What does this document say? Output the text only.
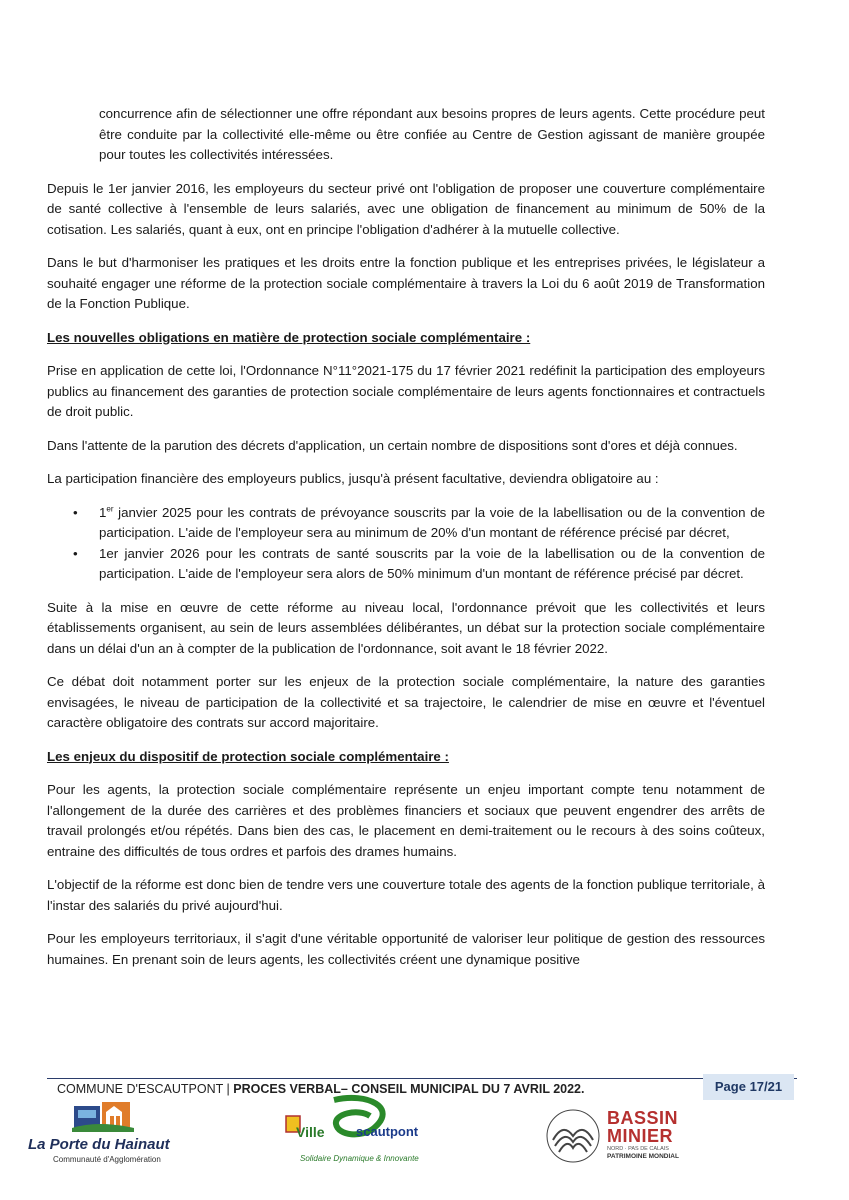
concurrence afin de sélectionner une offre répondant aux besoins propres de leurs agents. Cette procédure peut être conduite par la collectivité elle-même ou être confiée au Centre de Gestion agissant de manière groupée pour toutes les collectivités intéressées.

Depuis le 1er janvier 2016, les employeurs du secteur privé ont l'obligation de proposer une couverture complémentaire de santé collective à l'ensemble de leurs salariés, avec une obligation de financement au minimum de 50% de la cotisation. Les salariés, quant à eux, ont en principe l'obligation d'adhérer à la mutuelle collective.

Dans le but d'harmoniser les pratiques et les droits entre la fonction publique et les entreprises privées, le législateur a souhaité engager une réforme de la protection sociale complémentaire à travers la Loi du 6 août 2019 de Transformation de la Fonction Publique.

Les nouvelles obligations en matière de protection sociale complémentaire :

Prise en application de cette loi, l'Ordonnance N°11°2021-175 du 17 février 2021 redéfinit la participation des employeurs publics au financement des garanties de protection sociale complémentaire de leurs agents fonctionnaires et contractuels de droit public.

Dans l'attente de la parution des décrets d'application, un certain nombre de dispositions sont d'ores et déjà connues.

La participation financière des employeurs publics, jusqu'à présent facultative, deviendra obligatoire au :

• 1er janvier 2025 pour les contrats de prévoyance souscrits par la voie de la labellisation ou de la convention de participation. L'aide de l'employeur sera au minimum de 20% d'un montant de référence précisé par décret,
• 1er janvier 2026 pour les contrats de santé souscrits par la voie de la labellisation ou de la convention de participation. L'aide de l'employeur sera alors de 50% minimum d'un montant de référence précisé par décret.

Suite à la mise en œuvre de cette réforme au niveau local, l'ordonnance prévoit que les collectivités et leurs établissements organisent, au sein de leurs assemblées délibérantes, un débat sur la protection sociale complémentaire dans un délai d'un an à compter de la publication de l'ordonnance, soit avant le 18 février 2022.

Ce débat doit notamment porter sur les enjeux de la protection sociale complémentaire, la nature des garanties envisagées, le niveau de participation de la collectivité et sa trajectoire, le calendrier de mise en œuvre et l'éventuel caractère obligatoire des contrats sur accord majoritaire.

Les enjeux du dispositif de protection sociale complémentaire :

Pour les agents, la protection sociale complémentaire représente un enjeu important compte tenu notamment de l'allongement de la durée des carrières et des problèmes financiers et sociaux que peuvent engendrer des arrêts de travail prolongés et/ou répétés. Dans bien des cas, le placement en demi-traitement ou le recours à des soins coûteux, entraine des difficultés de tous ordres et parfois des drames humains.

L'objectif de la réforme est donc bien de tendre vers une couverture totale des agents de la fonction publique territoriale, à l'instar des salariés du privé aujourd'hui.

Pour les employeurs territoriaux, il s'agit d'une véritable opportunité de valoriser leur politique de gestion des ressources humaines. En prenant soin de leurs agents, les collectivités créent une dynamique positive

COMMUNE D'ESCAUTPONT | PROCES VERBAL– CONSEIL MUNICIPAL DU 7 AVRIL 2022.	Page 17/21
La Porte du Hainaut
Communauté d'Agglomération
Ville scautpont
Solidaire Dynamique & Innovante
BASSIN
MINIER
NORD · PAS DE CALAIS
PATRIMOINE MONDIAL
